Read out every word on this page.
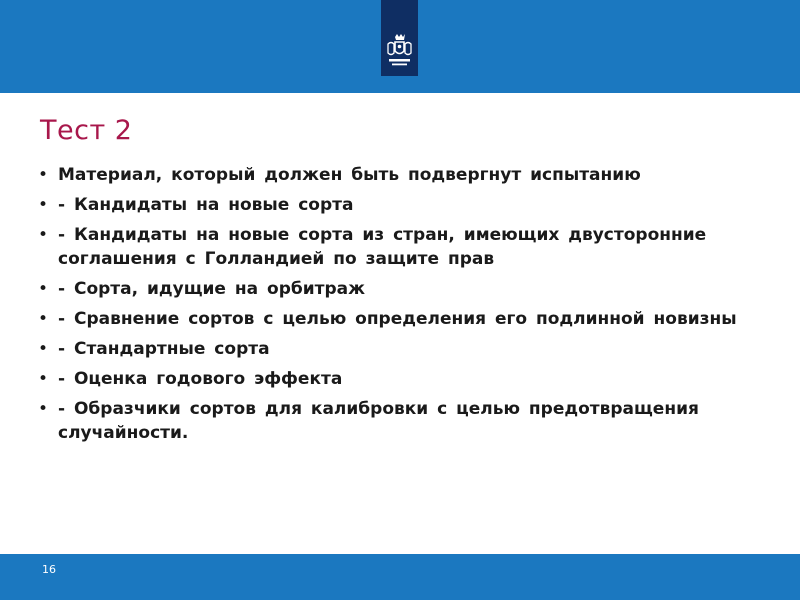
Тест 2
• Материал, который должен быть подвергнут испытанию
• - Кандидаты на новые сорта
• - Кандидаты на новые сорта из стран, имеющих двусторонние соглашения с Голландией по защите прав
• - Сорта, идущие на орбитраж
• - Сравнение сортов с целью определения его подлинной новизны
• - Стандартные сорта
• - Оценка годового эффекта
• - Образчики сортов для калибровки с целью предотвращения случайности.
16
